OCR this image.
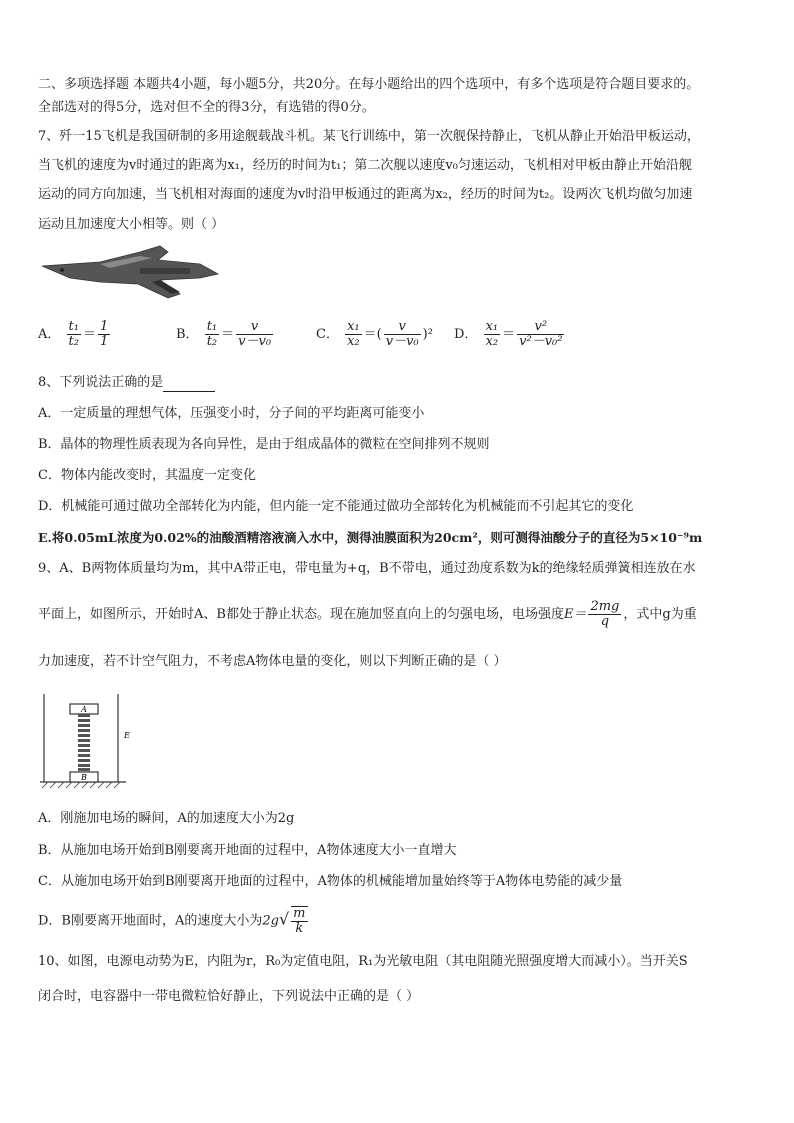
二、多项选择题 本题共4小题，每小题5分，共20分。在每小题给出的四个选项中，有多个选项是符合题目要求的。
全部选对的得5分，选对但不全的得3分，有选错的得0分。
7、歼一15飞机是我国研制的多用途舰载战斗机。某飞行训练中，第一次舰保持静止，飞机从静止开始沿甲板运动，
当飞机的速度为v时通过的距离为x₁，经历的时间为t₁；第二次舰以速度v₀匀速运动，飞机相对甲板由静止开始沿舰
运动的同方向加速，当飞机相对海面的速度为v时沿甲板通过的距离为x₂，经历的时间为t₂。设两次飞机均做匀加速
运动且加速度大小相等。则（ ）
A． $\frac{\text{t₁}}{\text{t₂}} = \frac{1}{1}$	B． $\frac{\text{t₁}}{\text{t₂}} = \frac{v}{\text{v－v₀}}$	C． $\frac{\text{x₁}}{\text{x₂}}$ ＝( $\frac{v}{\text{v－v₀}} )^2$ D． $\frac{\text{x₁}}{\text{x₂}} = \frac{\text{v²}}{\text{v²－v₀²}}$
8、下列说法正确的是
A．一定质量的理想气体，压强变小时，分子间的平均距离可能变小
B．晶体的物理性质表现为各向异性，是由于组成晶体的微粒在空间排列不规则
C．物体内能改变时，其温度一定变化
D．机械能可通过做功全部转化为内能，但内能一定不能通过做功全部转化为机械能而不引起其它的变化
E.将0.05mL浓度为0.02%的油酸酒精溶液滴入水中，测得油膜面积为20cm²，则可测得油酸分子的直径为5×10⁻⁹m
9、A、B两物体质量均为m，其中A带正电，带电量为+q，B不带电，通过劲度系数为k的绝缘轻质弹簧相连放在水
平面上，如图所示，开始时A、B都处于静止状态。现在施加竖直向上的匀强电场，电场强度$E= \frac{2mg}{q}$ ，式中g为重
力加速度，若不计空气阻力，不考虑A物体电量的变化，则以下判断正确的是（ ）
A
B
E
A．刚施加电场的瞬间，A的加速度大小为2g
B．从施加电场开始到B刚要离开地面的过程中，A物体速度大小一直增大
C．从施加电场开始到B刚要离开地面的过程中，A物体的机械能增加量始终等于A物体电势能的减少量
D．B刚要离开地面时，A的速度大小为$2g√ \frac{m}{k}$
10、如图，电源电动势为E，内阻为r，R₀为定值电阻，R₁为光敏电阻（其电阻随光照强度增大而减小）。当开关S
闭合时，电容器中一带电微粒恰好静止，下列说法中正确的是（ ）
